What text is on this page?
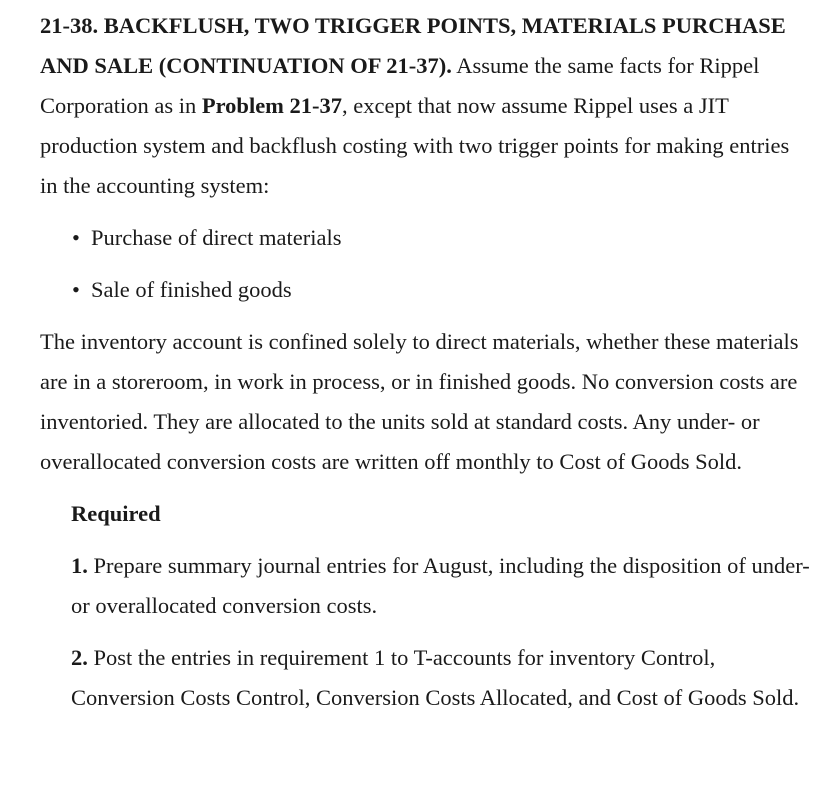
21-38. BACKFLUSH, TWO TRIGGER POINTS, MATERIALS PURCHASE AND SALE (CONTINUATION OF 21-37). Assume the same facts for Rippel Corporation as in Problem 21-37, except that now assume Rippel uses a JIT production system and backflush costing with two trigger points for making entries in the accounting system:

• Purchase of direct materials
• Sale of finished goods

The inventory account is confined solely to direct materials, whether these materials are in a storeroom, in work in process, or in finished goods. No conversion costs are inventoried. They are allocated to the units sold at standard costs. Any under- or overallocated conversion costs are written off monthly to Cost of Goods Sold.

Required

1. Prepare summary journal entries for August, including the disposition of under- or overallocated conversion costs.

2. Post the entries in requirement 1 to T-accounts for inventory Control, Conversion Costs Control, Conversion Costs Allocated, and Cost of Goods Sold.
